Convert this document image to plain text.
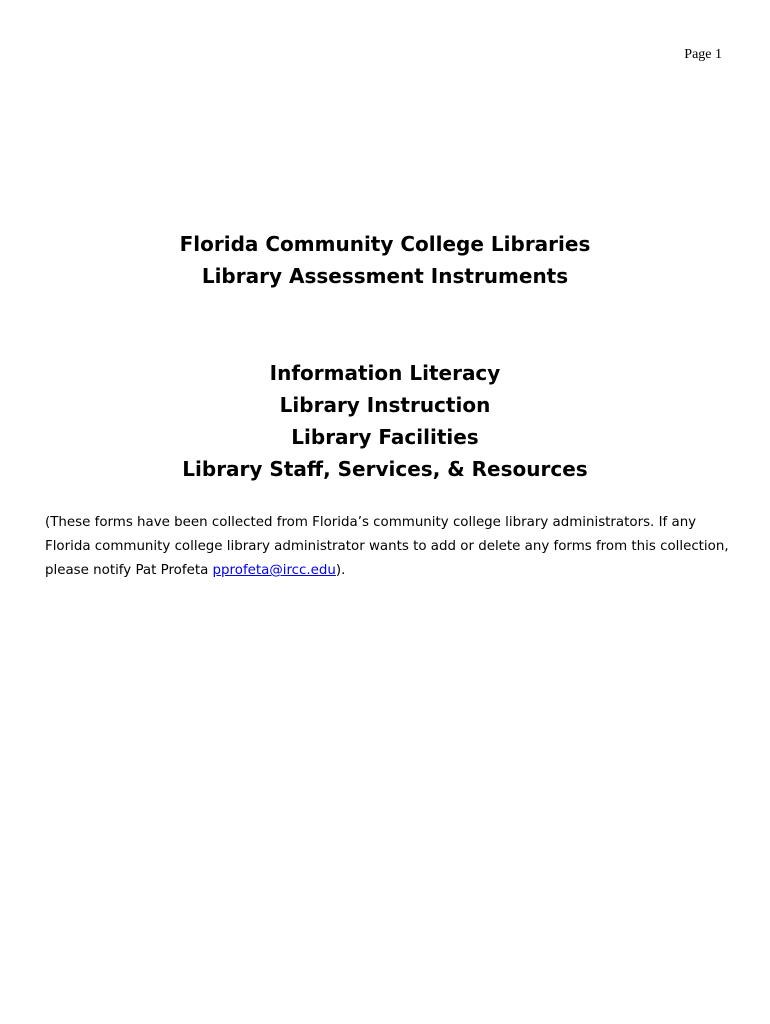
Page 1
Florida Community College Libraries
Library Assessment Instruments
Information Literacy
Library Instruction
Library Facilities
Library Staff, Services, & Resources
(These forms have been collected from Florida’s community college library administrators. If any Florida community college library administrator wants to add or delete any forms from this collection, please notify Pat Profeta pprofeta@ircc.edu).
